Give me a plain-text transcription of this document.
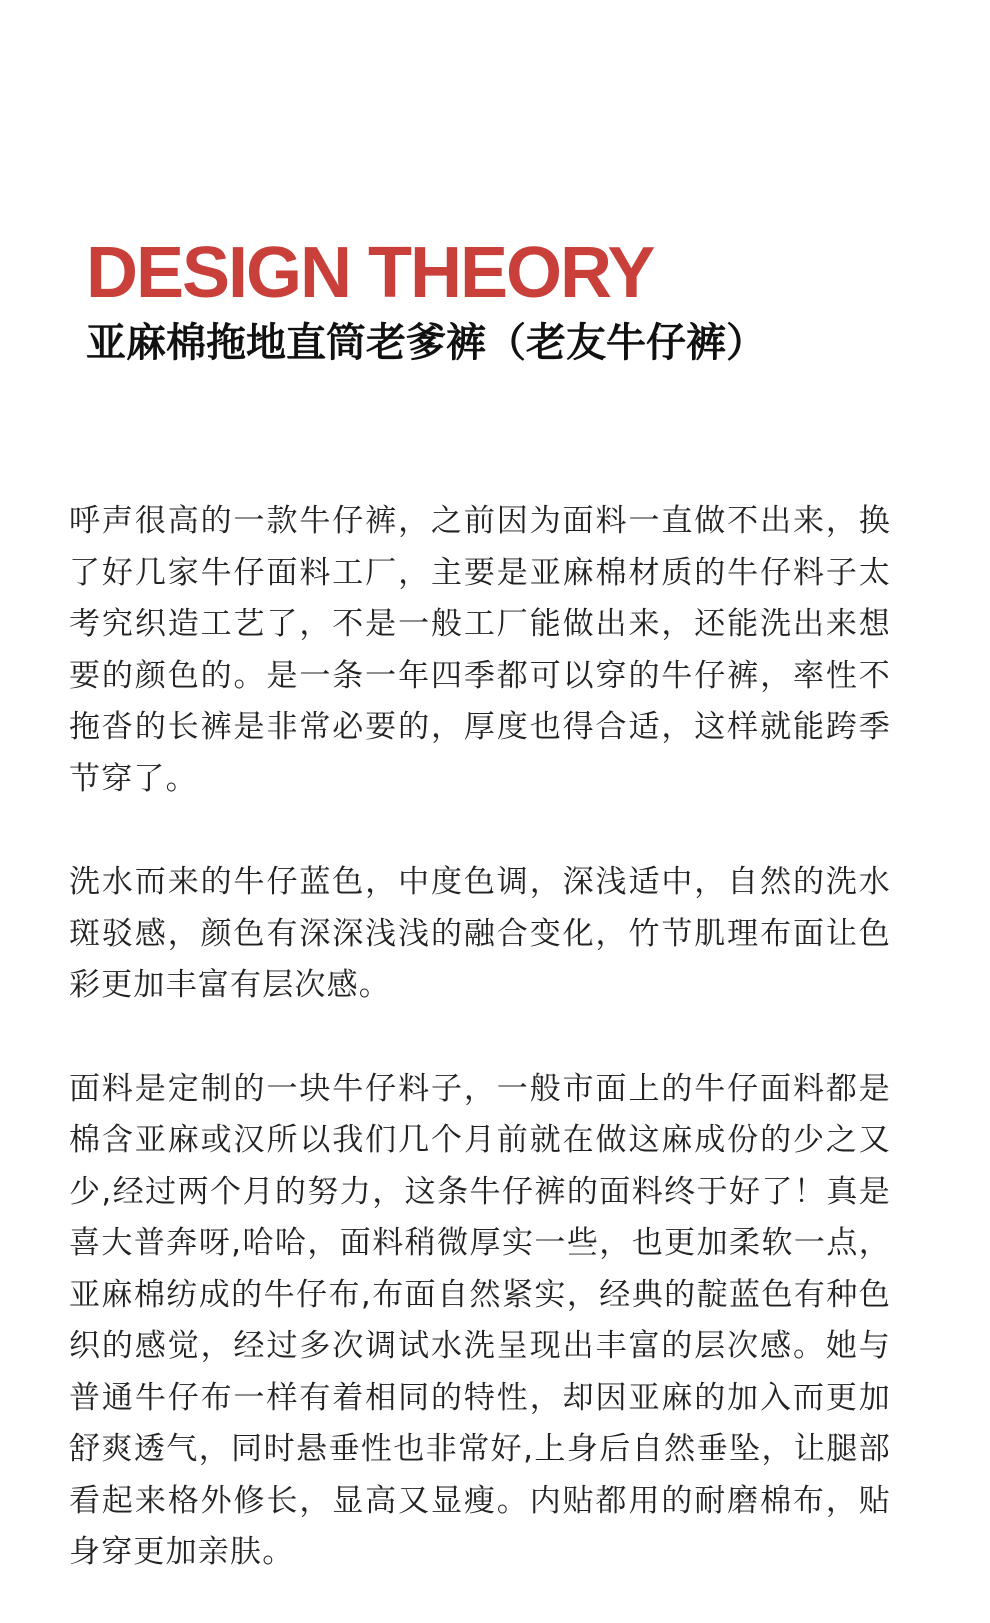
DESIGN THEORY
亚麻棉拖地直筒老爹裤（老友牛仔裤）

呼声很高的一款牛仔裤，之前因为面料一直做不出来，换了好几家牛仔面料工厂，主要是亚麻棉材质的牛仔料子太考究织造工艺了，不是一般工厂能做出来，还能洗出来想要的颜色的。是一条一年四季都可以穿的牛仔裤，率性不拖沓的长裤是非常必要的，厚度也得合适，这样就能跨季节穿了。

洗水而来的牛仔蓝色，中度色调，深浅适中，自然的洗水斑驳感，颜色有深深浅浅的融合变化，竹节肌理布面让色彩更加丰富有层次感。

面料是定制的一块牛仔料子，一般市面上的牛仔面料都是棉含亚麻或汉所以我们几个月前就在做这麻成份的少之又少,经过两个月的努力，这条牛仔裤的面料终于好了！真是喜大普奔呀,哈哈，面料稍微厚实一些，也更加柔软一点，亚麻棉纺成的牛仔布,布面自然紧实，经典的靛蓝色有种色织的感觉，经过多次调试水洗呈现出丰富的层次感。她与普通牛仔布一样有着相同的特性，却因亚麻的加入而更加舒爽透气，同时悬垂性也非常好,上身后自然垂坠，让腿部看起来格外修长，显高又显瘦。内贴都用的耐磨棉布，贴身穿更加亲肤。
